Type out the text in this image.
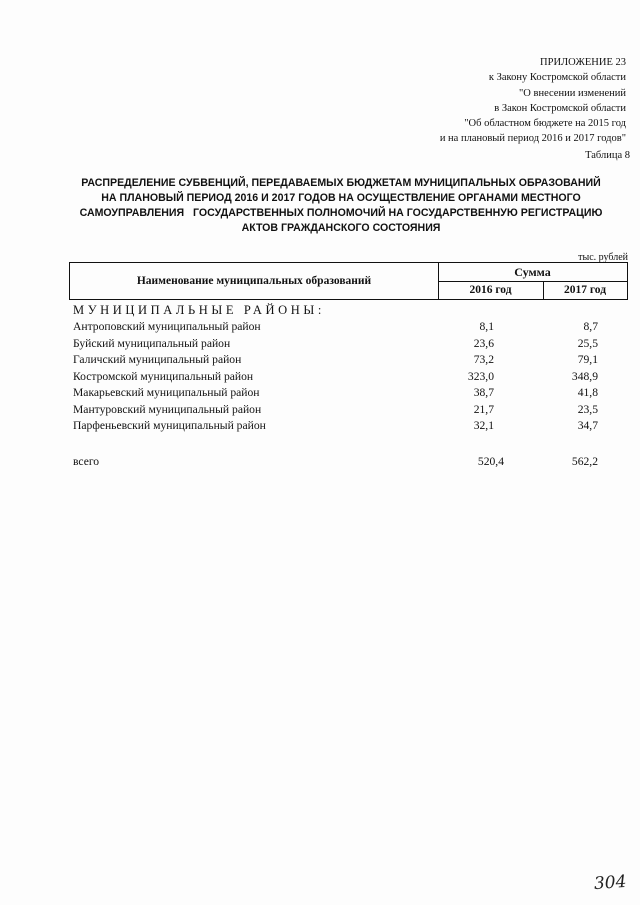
ПРИЛОЖЕНИЕ 23
к Закону Костромской области
"О внесении изменений
в Закон Костромской области
"Об областном бюджете на 2015 год
и на плановый период 2016 и 2017 годов"
Таблица 8
РАСПРЕДЕЛЕНИЕ СУБВЕНЦИЙ, ПЕРЕДАВАЕМЫХ БЮДЖЕТАМ МУНИЦИПАЛЬНЫХ ОБРАЗОВАНИЙ
НА ПЛАНОВЫЙ ПЕРИОД 2016 И 2017 ГОДОВ НА ОСУЩЕСТВЛЕНИЕ ОРГАНАМИ МЕСТНОГО
САМОУПРАВЛЕНИЯ   ГОСУДАРСТВЕННЫХ ПОЛНОМОЧИЙ НА ГОСУДАРСТВЕННУЮ РЕГИСТРАЦИЮ
АКТОВ ГРАЖДАНСКОГО СОСТОЯНИЯ
тыс. рублей
Наименование муниципальных образований
Сумма
2016 год	2017 год
МУНИЦИПАЛЬНЫЕ РАЙОНЫ:
Антроповский муниципальный район	8,1	8,7
Буйский муниципальный район	23,6	25,5
Галичский муниципальный район	73,2	79,1
Костромской муниципальный район	323,0	348,9
Макарьевский муниципальный район	38,7	41,8
Мантуровский муниципальный район	21,7	23,5
Парфеньевский муниципальный район	32,1	34,7
всего	520,4	562,2
304
